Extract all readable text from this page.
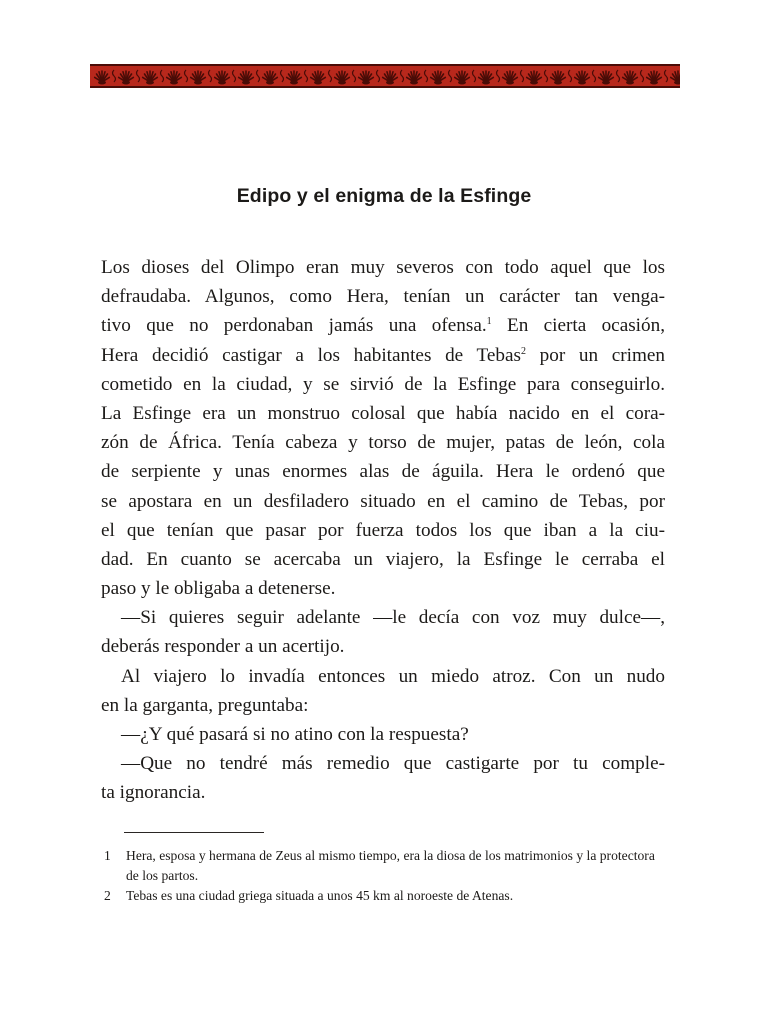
Edipo y el enigma de la Esfinge
Los dioses del Olimpo eran muy severos con todo aquel que los
defraudaba. Algunos, como Hera, tenían un carácter tan venga-
tivo que no perdonaban jamás una ofensa.$^1$ En cierta ocasión,
Hera decidió castigar a los habitantes de Tebas$^2$ por un crimen
cometido en la ciudad, y se sirvió de la Esfinge para conseguirlo.
La Esfinge era un monstruo colosal que había nacido en el cora-
zón de África. Tenía cabeza y torso de mujer, patas de león, cola
de serpiente y unas enormes alas de águila. Hera le ordenó que
se apostara en un desfiladero situado en el camino de Tebas, por
el que tenían que pasar por fuerza todos los que iban a la ciu-
dad. En cuanto se acercaba un viajero, la Esfinge le cerraba el
paso y le obligaba a detenerse.
—Si quieres seguir adelante —le decía con voz muy dulce—,
deberás responder a un acertijo.
Al viajero lo invadía entonces un miedo atroz. Con un nudo
en la garganta, preguntaba:
—¿Y qué pasará si no atino con la respuesta?
—Que no tendré más remedio que castigarte por tu comple-
ta ignorancia.
1	Hera, esposa y hermana de Zeus al mismo tiempo, era la diosa de los matrimonios y la protectora de los partos.
2	Tebas es una ciudad griega situada a unos 45 km al noroeste de Atenas.
